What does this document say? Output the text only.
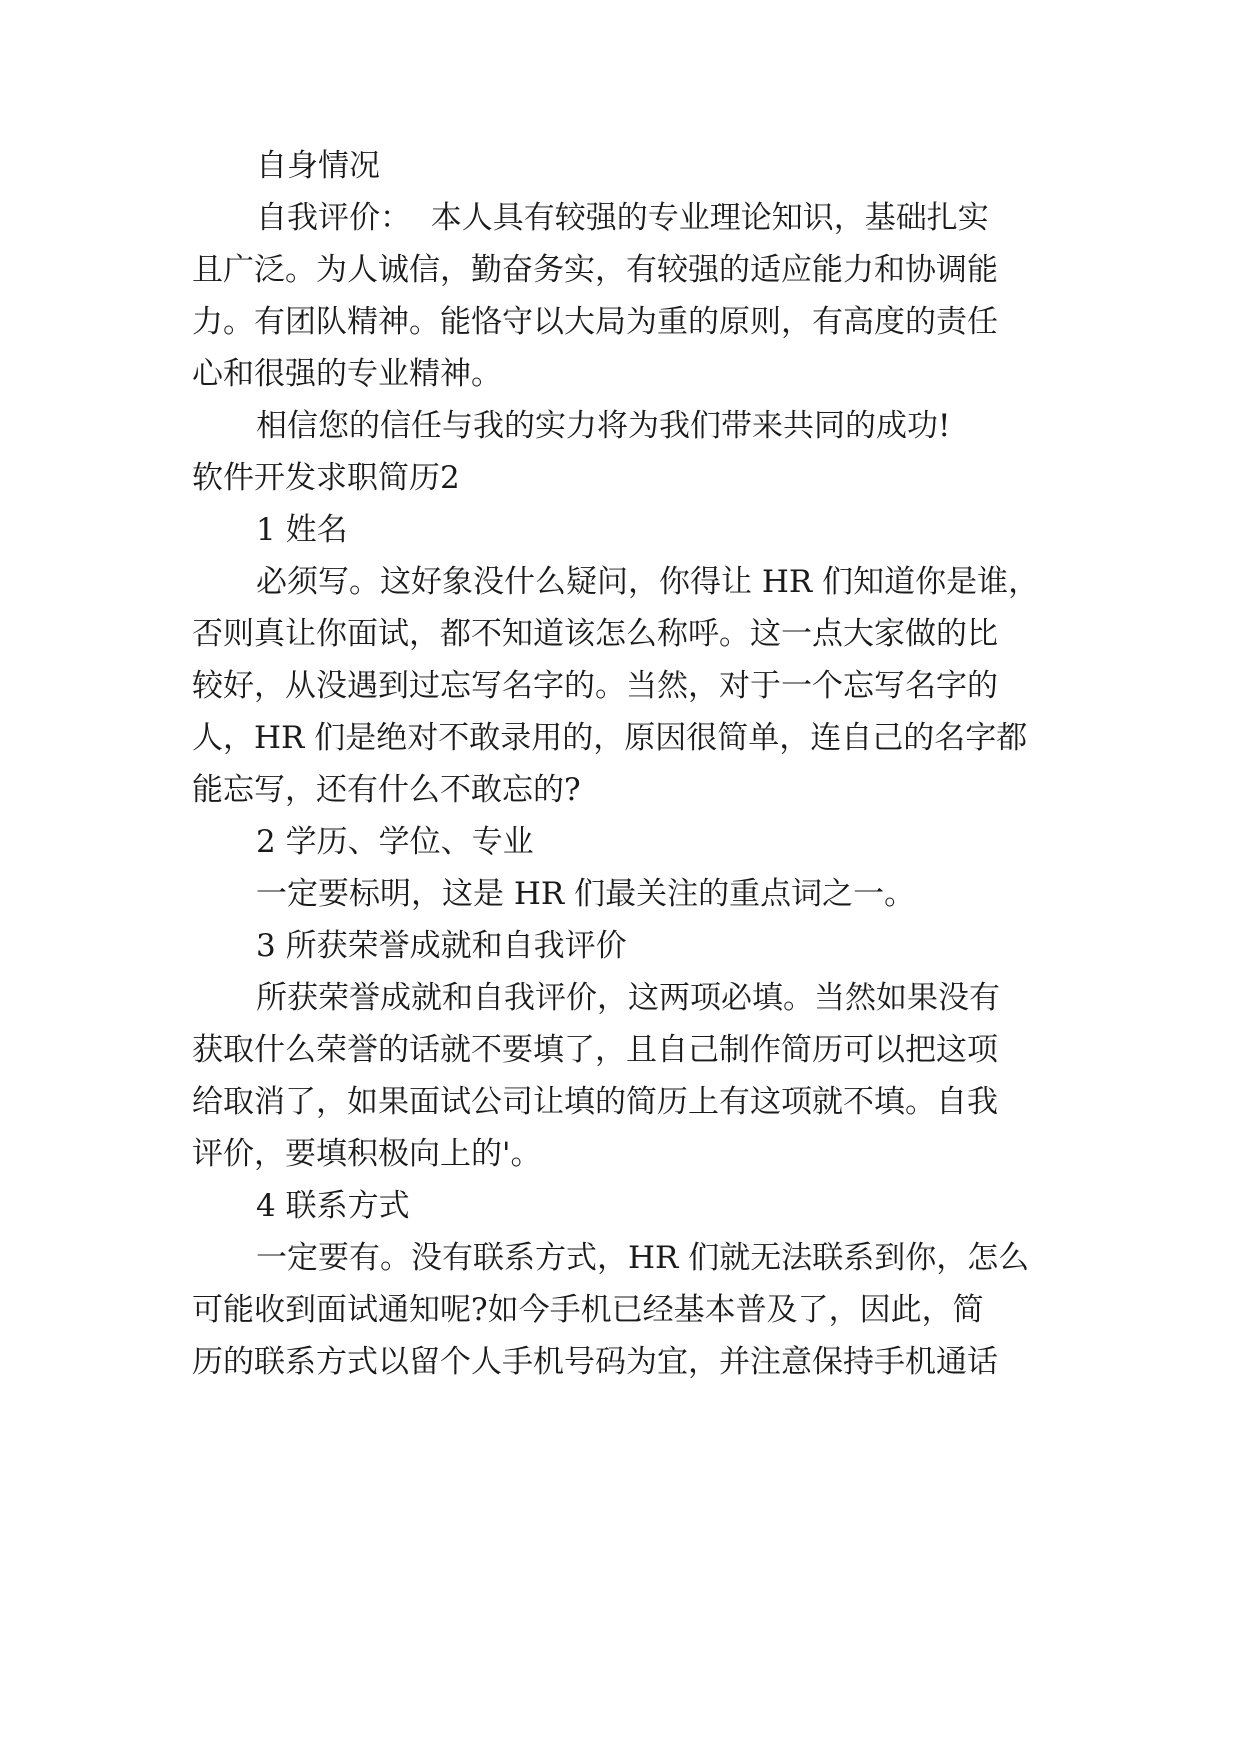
自身情况

自我评价：  本人具有较强的专业理论知识，基础扎实

且广泛。为人诚信，勤奋务实，有较强的适应能力和协调能

力。有团队精神。能恪守以大局为重的原则，有高度的责任

心和很强的专业精神。

相信您的信任与我的实力将为我们带来共同的成功!

软件开发求职简历2

1 姓名

必须写。这好象没什么疑问，你得让 HR 们知道你是谁，

否则真让你面试，都不知道该怎么称呼。这一点大家做的比

较好，从没遇到过忘写名字的。当然，对于一个忘写名字的

人，HR 们是绝对不敢录用的，原因很简单，连自己的名字都

能忘写，还有什么不敢忘的?

2 学历、学位、专业

一定要标明，这是 HR 们最关注的重点词之一。

3 所获荣誉成就和自我评价

所获荣誉成就和自我评价，这两项必填。当然如果没有

获取什么荣誉的话就不要填了，且自己制作简历可以把这项

给取消了，如果面试公司让填的简历上有这项就不填。自我

评价，要填积极向上的'。

4 联系方式

一定要有。没有联系方式，HR 们就无法联系到你，怎么

可能收到面试通知呢?如今手机已经基本普及了，因此，简

历的联系方式以留个人手机号码为宜，并注意保持手机通话
